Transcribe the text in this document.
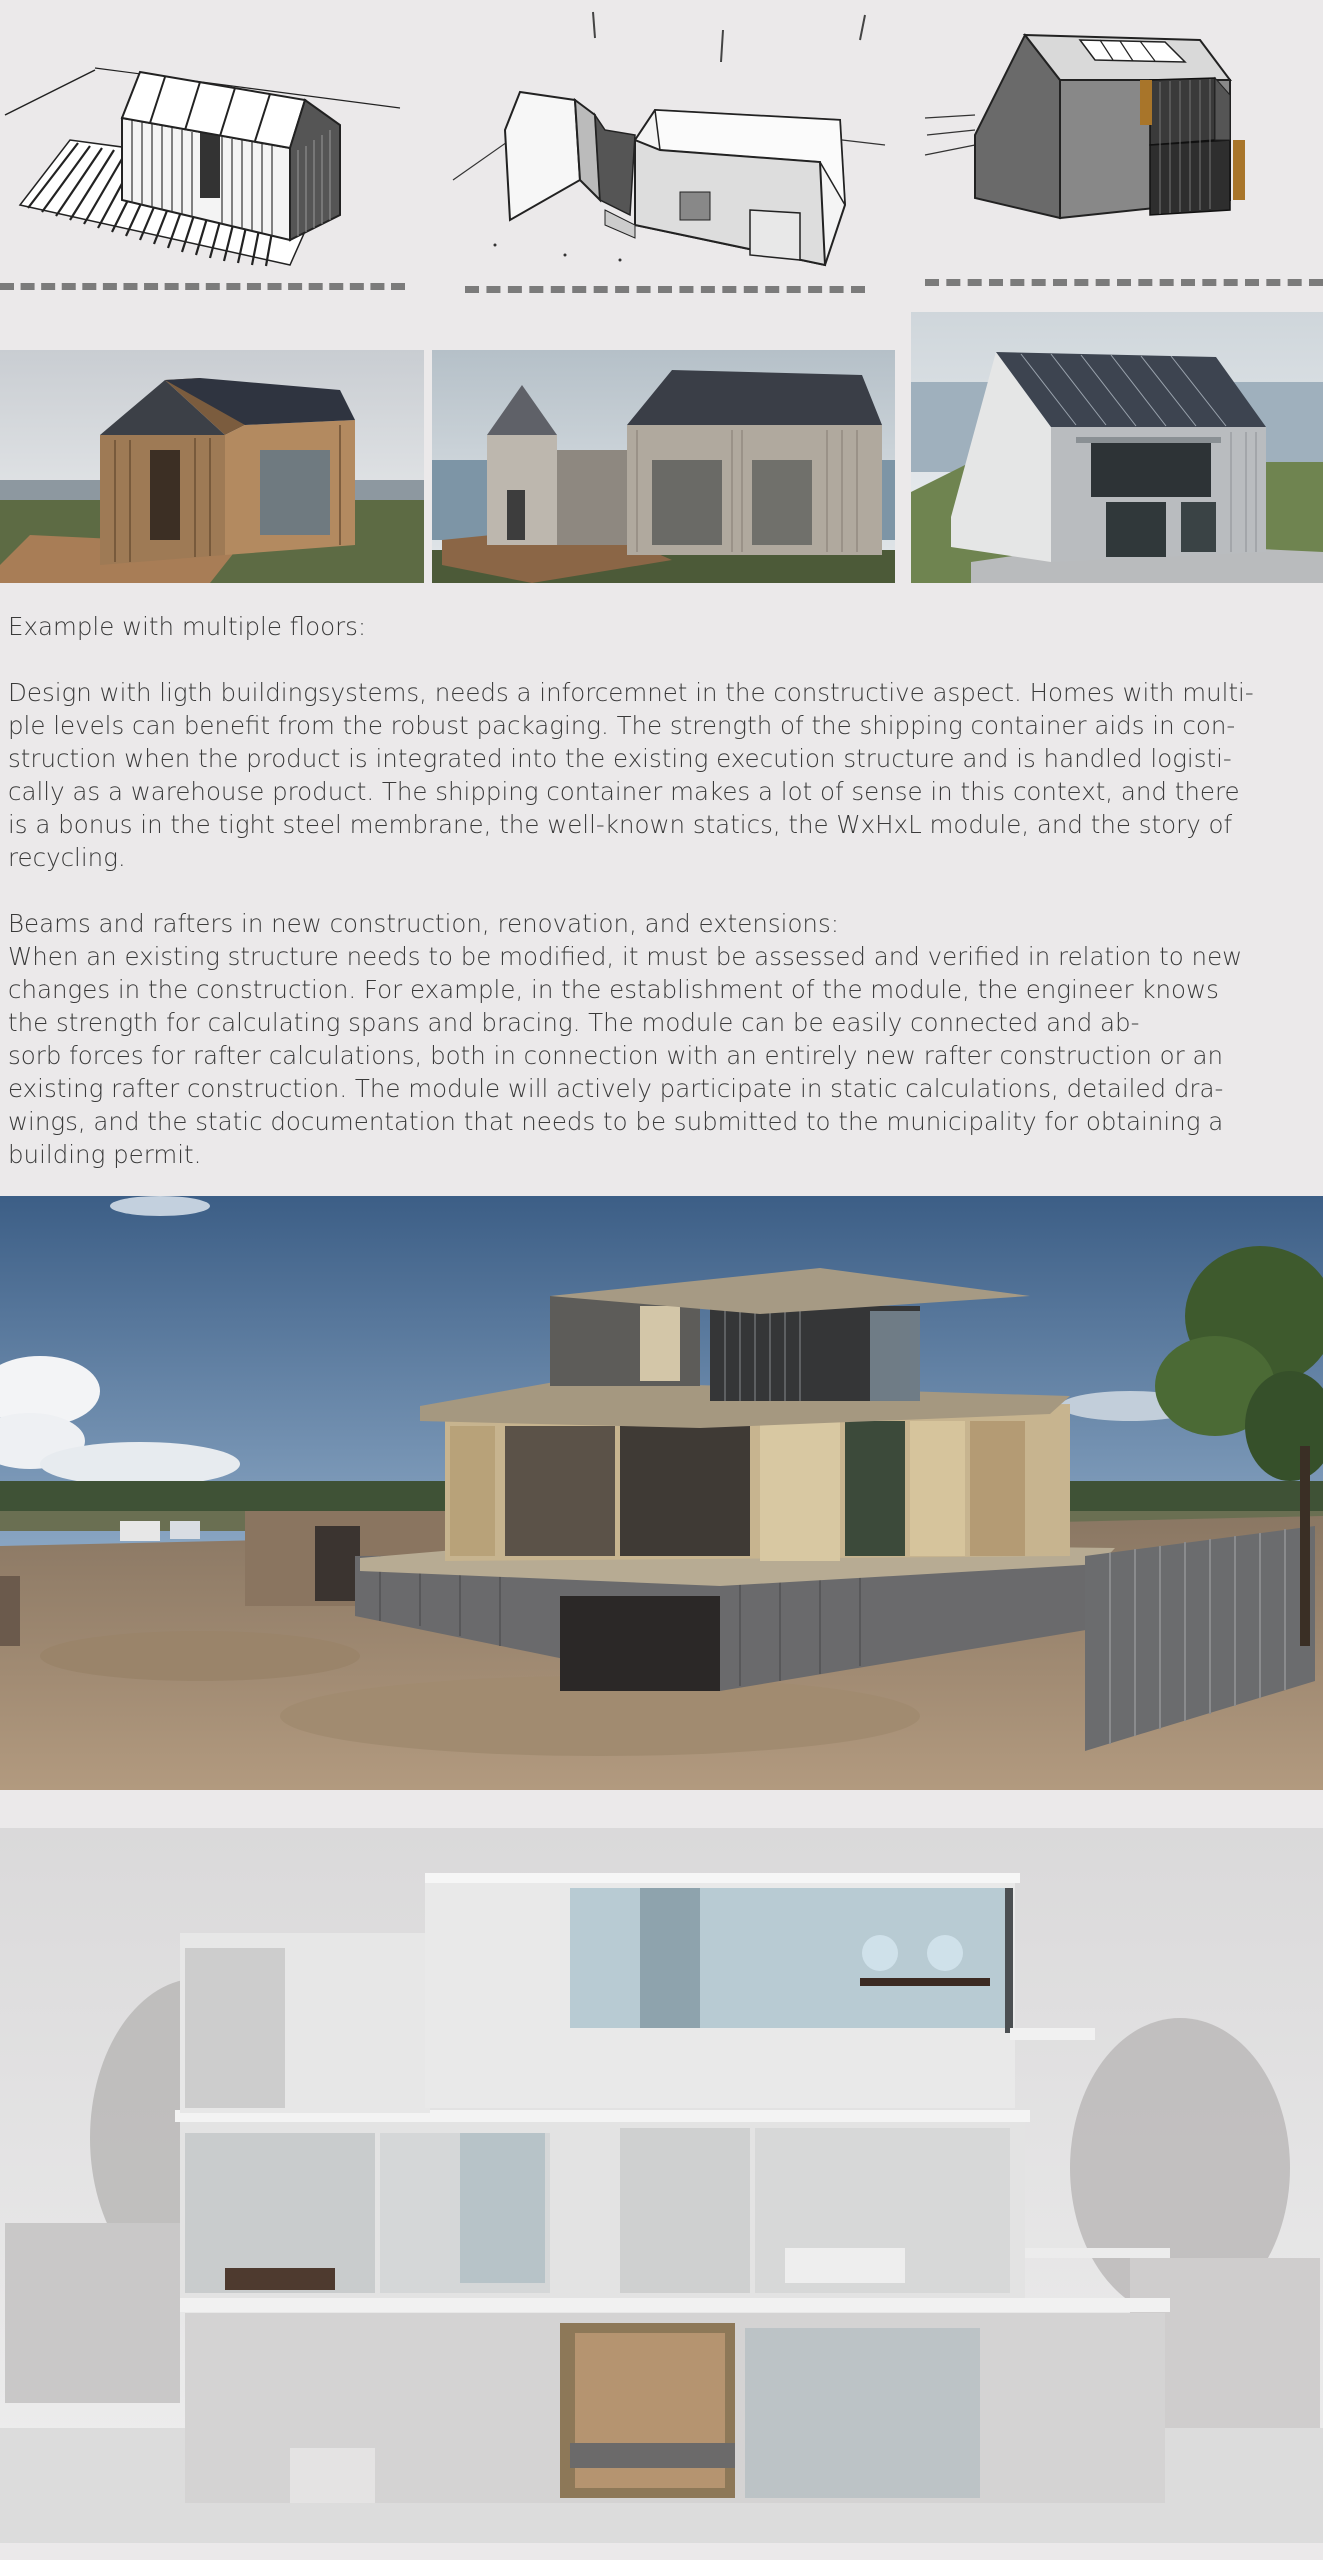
Example with multiple floors:

Design with ligth buildingsystems, needs a inforcemnet in the constructive aspect. Homes with multi-
ple levels can benefit from the robust packaging. The strength of the shipping container aids in con-
struction when the product is integrated into the existing execution structure and is handled logisti-
cally as a warehouse product. The shipping container makes a lot of sense in this context, and there
is a bonus in the tight steel membrane, the well-known statics, the WxHxL module, and the story of
recycling.

Beams and rafters in new construction, renovation, and extensions:

When an existing structure needs to be modified, it must be assessed and verified in relation to new
changes in the construction. For example, in the establishment of the module, the engineer knows
the strength for calculating spans and bracing. The module can be easily connected and ab-
sorb forces for rafter calculations, both in connection with an entirely new rafter construction or an
existing rafter construction. The module will actively participate in static calculations, detailed dra-
wings, and the static documentation that needs to be submitted to the municipality for obtaining a
building permit.
